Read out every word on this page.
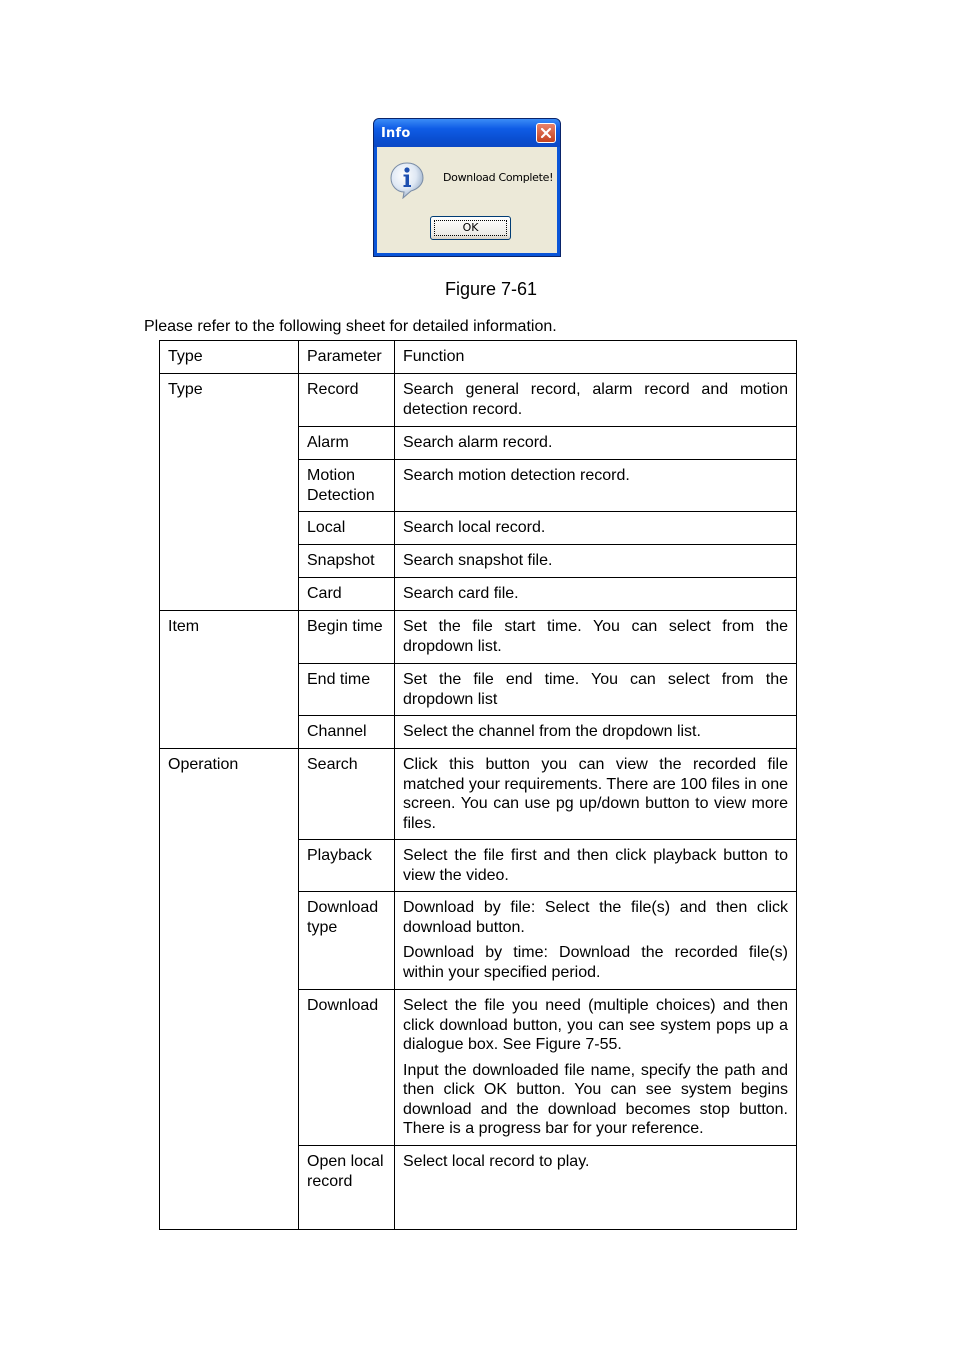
Info
Download Complete!
OK
Figure 7-61
Please refer to the following sheet for detailed information.
Type	Parameter	Function
Type	Record	Search general record, alarm record and motion detection record.

	Alarm	Search alarm record.

	Motion Detection	Search motion detection record.

	Local	Search local record.

	Snapshot	Search snapshot file.

	Card	Search card file.

Item	Begin time	Set the file start time. You can select from the dropdown list.

	End time	Set the file end time. You can select from the dropdown list

	Channel	Select the channel from the dropdown list.

Operation	Search	Click this button you can view the recorded file matched your requirements. There are 100 files in one screen. You can use pg up/down button to view more files.

	Playback	Select the file first and then click playback button to view the video.

	Download type	Download by file: Select the file(s) and then click download button.

Download by time: Download the recorded file(s) within your specified period.

	Download	Select the file you need (multiple choices) and then click download button, you can see system pops up a dialogue box. See Figure 7-55.

Input the downloaded file name, specify the path and then click OK button. You can see system begins download and the download becomes stop button. There is a progress bar for your reference.

	Open local record	Select local record to play.
